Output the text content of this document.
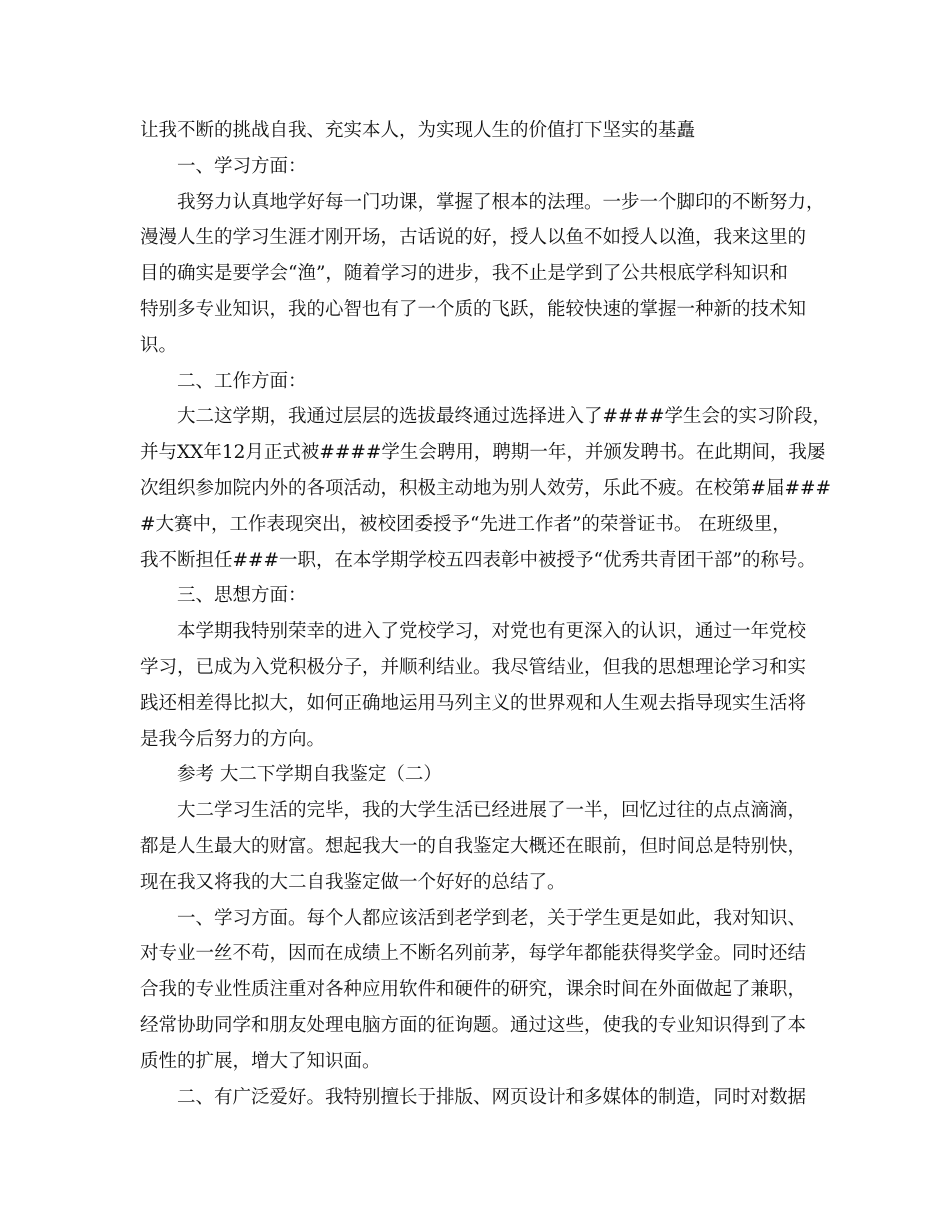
让我不断的挑战自我、充实本人，为实现人生的价值打下坚实的基矗
一、学习方面：
我努力认真地学好每一门功课，掌握了根本的法理。一步一个脚印的不断努力，
漫漫人生的学习生涯才刚开场，古话说的好，授人以鱼不如授人以渔，我来这里的
目的确实是要学会“渔”，随着学习的进步，我不止是学到了公共根底学科知识和
特别多专业知识，我的心智也有了一个质的飞跃，能较快速的掌握一种新的技术知
识。
二、工作方面：
大二这学期，我通过层层的选拔最终通过选择进入了####学生会的实习阶段，
并与XX年12月正式被####学生会聘用，聘期一年，并颁发聘书。在此期间，我屡
次组织参加院内外的各项活动，积极主动地为别人效劳，乐此不疲。在校第#届###
#大赛中，工作表现突出，被校团委授予“先进工作者”的荣誉证书。 在班级里，
我不断担任###一职，在本学期学校五四表彰中被授予“优秀共青团干部”的称号。
三、思想方面：
本学期我特别荣幸的进入了党校学习，对党也有更深入的认识，通过一年党校
学习，已成为入党积极分子，并顺利结业。我尽管结业，但我的思想理论学习和实
践还相差得比拟大，如何正确地运用马列主义的世界观和人生观去指导现实生活将
是我今后努力的方向。
参考 大二下学期自我鉴定（二）
大二学习生活的完毕，我的大学生活已经进展了一半，回忆过往的点点滴滴，
都是人生最大的财富。想起我大一的自我鉴定大概还在眼前，但时间总是特别快，
现在我又将我的大二自我鉴定做一个好好的总结了。
一、学习方面。每个人都应该活到老学到老，关于学生更是如此，我对知识、
对专业一丝不苟，因而在成绩上不断名列前茅，每学年都能获得奖学金。同时还结
合我的专业性质注重对各种应用软件和硬件的研究，课余时间在外面做起了兼职，
经常协助同学和朋友处理电脑方面的征询题。通过这些，使我的专业知识得到了本
质性的扩展，增大了知识面。
二、有广泛爱好。我特别擅长于排版、网页设计和多媒体的制造，同时对数据
